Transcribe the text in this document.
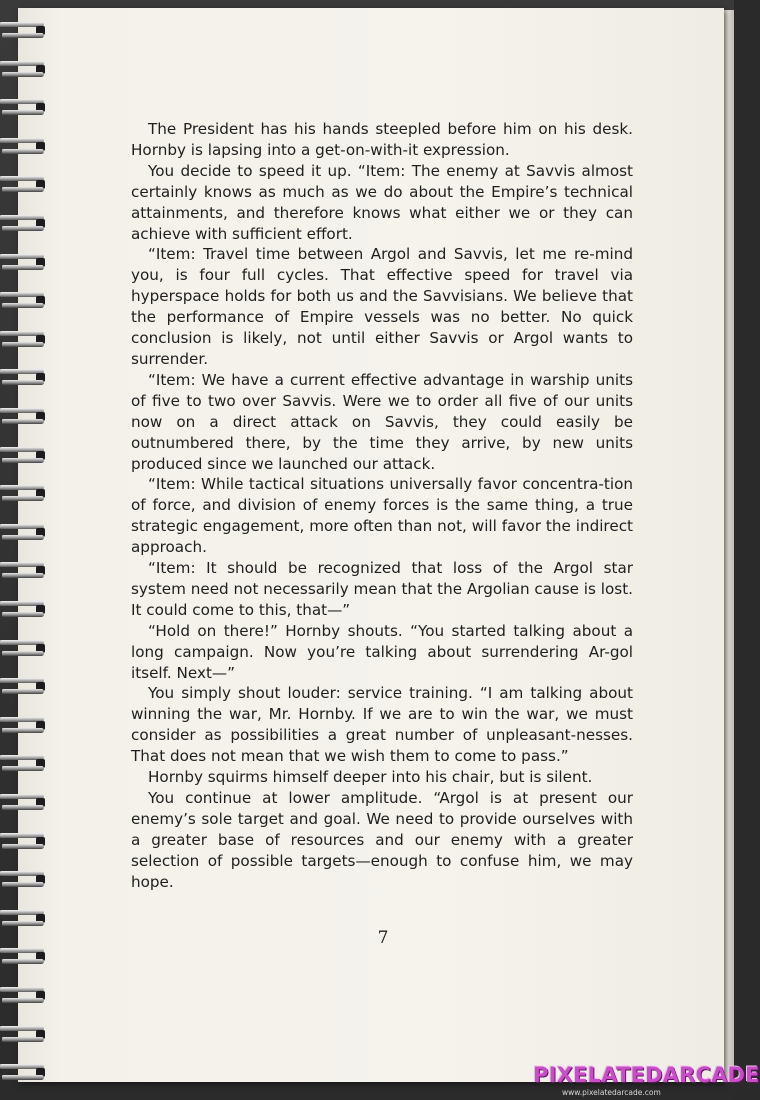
The President has his hands steepled before him on his desk. Hornby is lapsing into a get-on-with-it expression.

You decide to speed it up. “Item: The enemy at Savvis almost certainly knows as much as we do about the Empire’s technical attainments, and therefore knows what either we or they can achieve with sufficient effort.

“Item: Travel time between Argol and Savvis, let me re-mind you, is four full cycles. That effective speed for travel via hyperspace holds for both us and the Savvisians. We believe that the performance of Empire vessels was no better. No quick conclusion is likely, not until either Savvis or Argol wants to surrender.

“Item: We have a current effective advantage in warship units of five to two over Savvis. Were we to order all five of our units now on a direct attack on Savvis, they could easily be outnumbered there, by the time they arrive, by new units produced since we launched our attack.

“Item: While tactical situations universally favor concentra-tion of force, and division of enemy forces is the same thing, a true strategic engagement, more often than not, will favor the indirect approach.

“Item: It should be recognized that loss of the Argol star system need not necessarily mean that the Argolian cause is lost. It could come to this, that—”

“Hold on there!” Hornby shouts. “You started talking about a long campaign. Now you’re talking about surrendering Ar-gol itself. Next—”

You simply shout louder: service training. “I am talking about winning the war, Mr. Hornby. If we are to win the war, we must consider as possibilities a great number of unpleasant-nesses. That does not mean that we wish them to come to pass.”

Hornby squirms himself deeper into his chair, but is silent.

You continue at lower amplitude. “Argol is at present our enemy’s sole target and goal. We need to provide ourselves with a greater base of resources and our enemy with a greater selection of possible targets—enough to confuse him, we may hope.

7
PIXELATEDARCADE
www.pixelatedarcade.com
